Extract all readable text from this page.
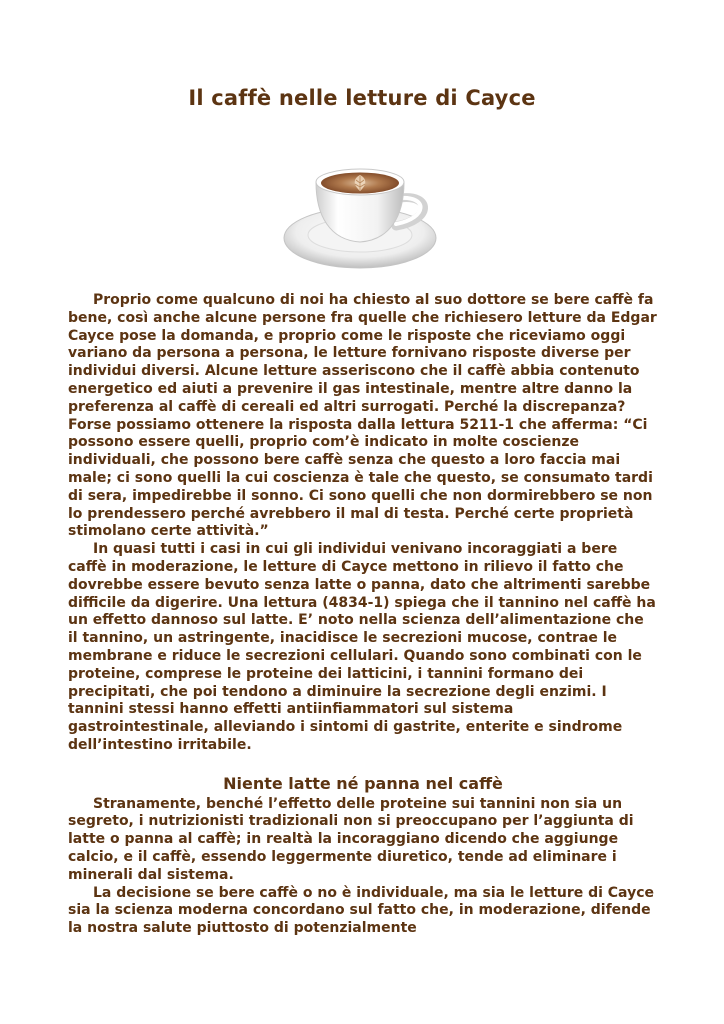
Il caffè nelle letture di Cayce

Proprio come qualcuno di noi ha chiesto al suo dottore se bere caffè fa bene, così anche alcune persone fra quelle che richiesero letture da Edgar Cayce pose la domanda, e proprio come le risposte che riceviamo oggi variano da persona a persona, le letture fornivano risposte diverse per individui diversi. Alcune letture asseriscono che il caffè abbia contenuto energetico ed aiuti a prevenire il gas intestinale, mentre altre danno la preferenza al caffè di cereali ed altri surrogati. Perché la discrepanza? Forse possiamo ottenere la risposta dalla lettura 5211-1 che afferma: “Ci possono essere quelli, proprio com’è indicato in molte coscienze individuali, che possono bere caffè senza che questo a loro faccia mai male; ci sono quelli la cui coscienza è tale che questo, se consumato tardi di sera, impedirebbe il sonno. Ci sono quelli che non dormirebbero se non lo prendessero perché avrebbero il mal di testa. Perché certe proprietà stimolano certe attività.”

In quasi tutti i casi in cui gli individui venivano incoraggiati a bere caffè in moderazione, le letture di Cayce mettono in rilievo il fatto che dovrebbe essere bevuto senza latte o panna, dato che altrimenti sarebbe difficile da digerire. Una lettura (4834-1) spiega che il tannino nel caffè ha un effetto dannoso sul latte. E’ noto nella scienza dell’alimentazione che il tannino, un astringente, inacidisce le secrezioni mucose, contrae le membrane e riduce le secrezioni cellulari. Quando sono combinati con le proteine, comprese le proteine dei latticini, i tannini formano dei precipitati, che poi tendono a diminuire la secrezione degli enzimi. I tannini stessi hanno effetti antiinfiammatori sul sistema gastrointestinale, alleviando i sintomi di gastrite, enterite e sindrome dell’intestino irritabile.

Niente latte né panna nel caffè

Stranamente, benché l’effetto delle proteine sui tannini non sia un segreto, i nutrizionisti tradizionali non si preoccupano per l’aggiunta di latte o panna al caffè; in realtà la incoraggiano dicendo che aggiunge calcio, e il caffè, essendo leggermente diuretico, tende ad eliminare i minerali dal sistema.

La decisione se bere caffè o no è individuale, ma sia le letture di Cayce sia la scienza moderna concordano sul fatto che, in moderazione, difende la nostra salute piuttosto di potenzialmente
